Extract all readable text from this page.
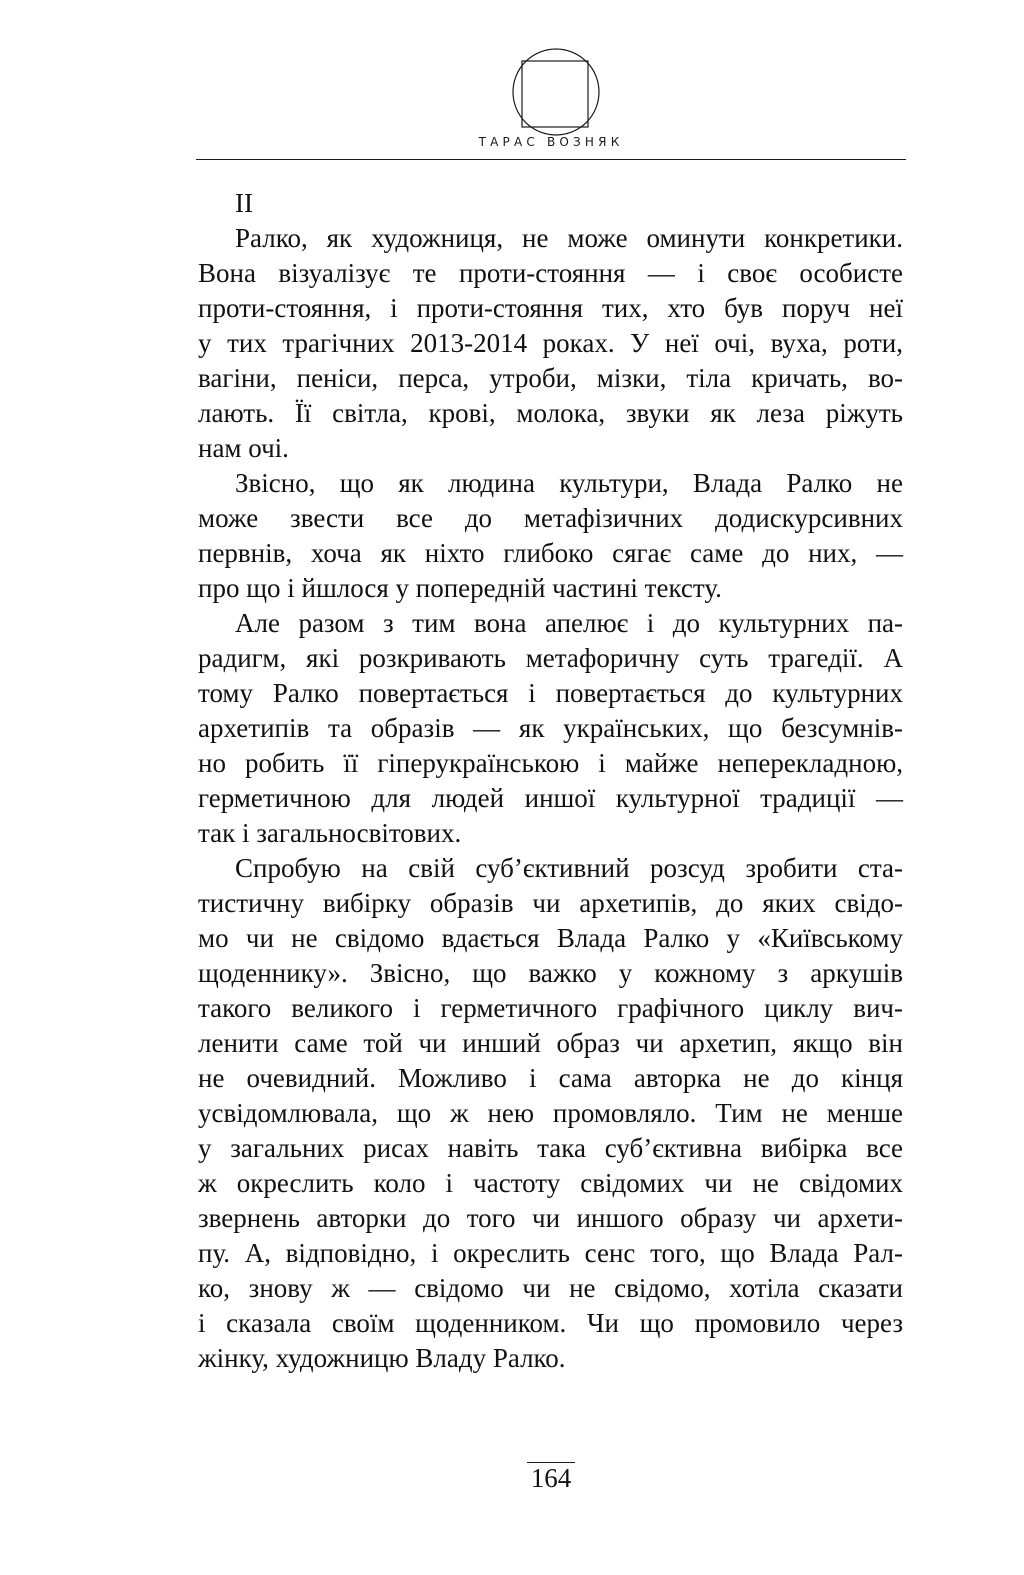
ТАРАС ВОЗНЯК

II

Ралко, як художниця, не може оминути конкретики.
Вона візуалізує те проти-стояння — і своє особисте
проти-стояння, і проти-стояння тих, хто був поруч неї
у тих трагічних 2013-2014 роках. У неї очі, вуха, роти,
вагіни, пеніси, перса, утроби, мізки, тіла кричать, во-
лають. Її світла, крові, молока, звуки як леза ріжуть
нам очі.

Звісно, що як людина культури, Влада Ралко не
може звести все до метафізичних додискурсивних
первнів, хоча як ніхто глибоко сягає саме до них, —
про що і йшлося у попередній частині тексту.

Але разом з тим вона апелює і до культурних па-
радигм, які розкривають метафоричну суть трагедії. А
тому Ралко повертається і повертається до культурних
архетипів та образів — як українських, що безсумнів-
но робить її гіперукраїнською і майже неперекладною,
герметичною для людей иншої культурної традиції —
так і загальносвітових.

Спробую на свій суб’єктивний розсуд зробити ста-
тистичну вибірку образів чи архетипів, до яких свідо-
мо чи не свідомо вдається Влада Ралко у «Київському
щоденнику». Звісно, що важко у кожному з аркушів
такого великого і герметичного графічного циклу вич-
ленити саме той чи инший образ чи архетип, якщо він
не очевидний. Можливо і сама авторка не до кінця
усвідомлювала, що ж нею промовляло. Тим не менше
у загальних рисах навіть така суб’єктивна вибірка все
ж окреслить коло і частоту свідомих чи не свідомих
звернень авторки до того чи иншого образу чи архети-
пу. А, відповідно, і окреслить сенс того, що Влада Рал-
ко, знову ж — свідомо чи не свідомо, хотіла сказати
і сказала своїм щоденником. Чи що промовило через
жінку, художницю Владу Ралко.

164
